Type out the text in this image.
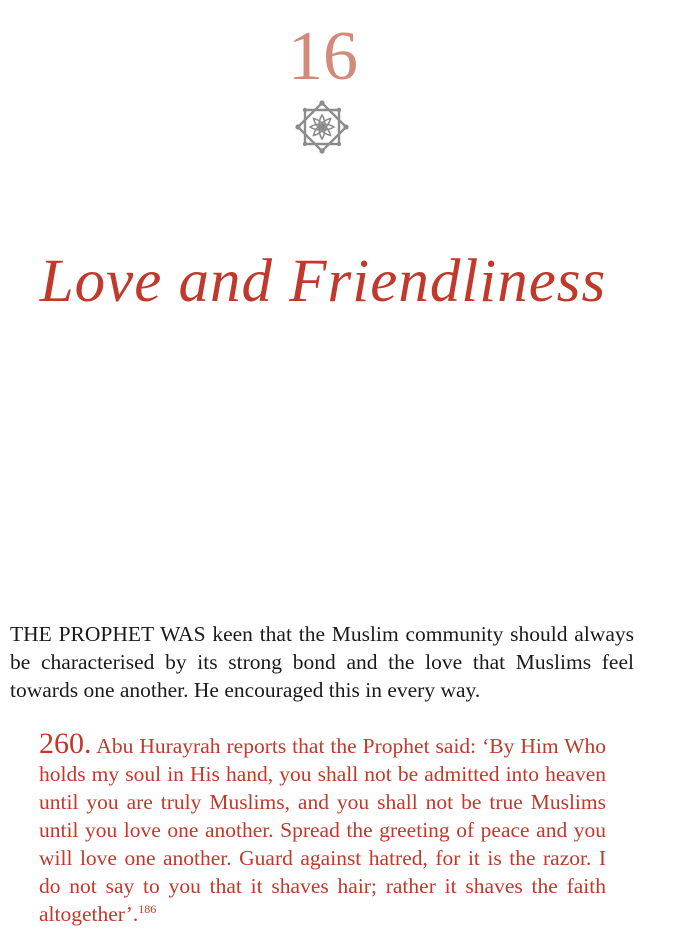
16
Love and Friendliness

THE PROPHET WAS keen that the Muslim community should always be characterised by its strong bond and the love that Muslims feel towards one another. He encouraged this in every way.

260. Abu Hurayrah reports that the Prophet said: ‘By Him Who holds my soul in His hand, you shall not be admitted into heaven until you are truly Muslims, and you shall not be true Muslims until you love one another. Spread the greeting of peace and you will love one another. Guard against hatred, for it is the razor. I do not say to you that it shaves hair; rather it shaves the faith altogether’.$^{186}$
